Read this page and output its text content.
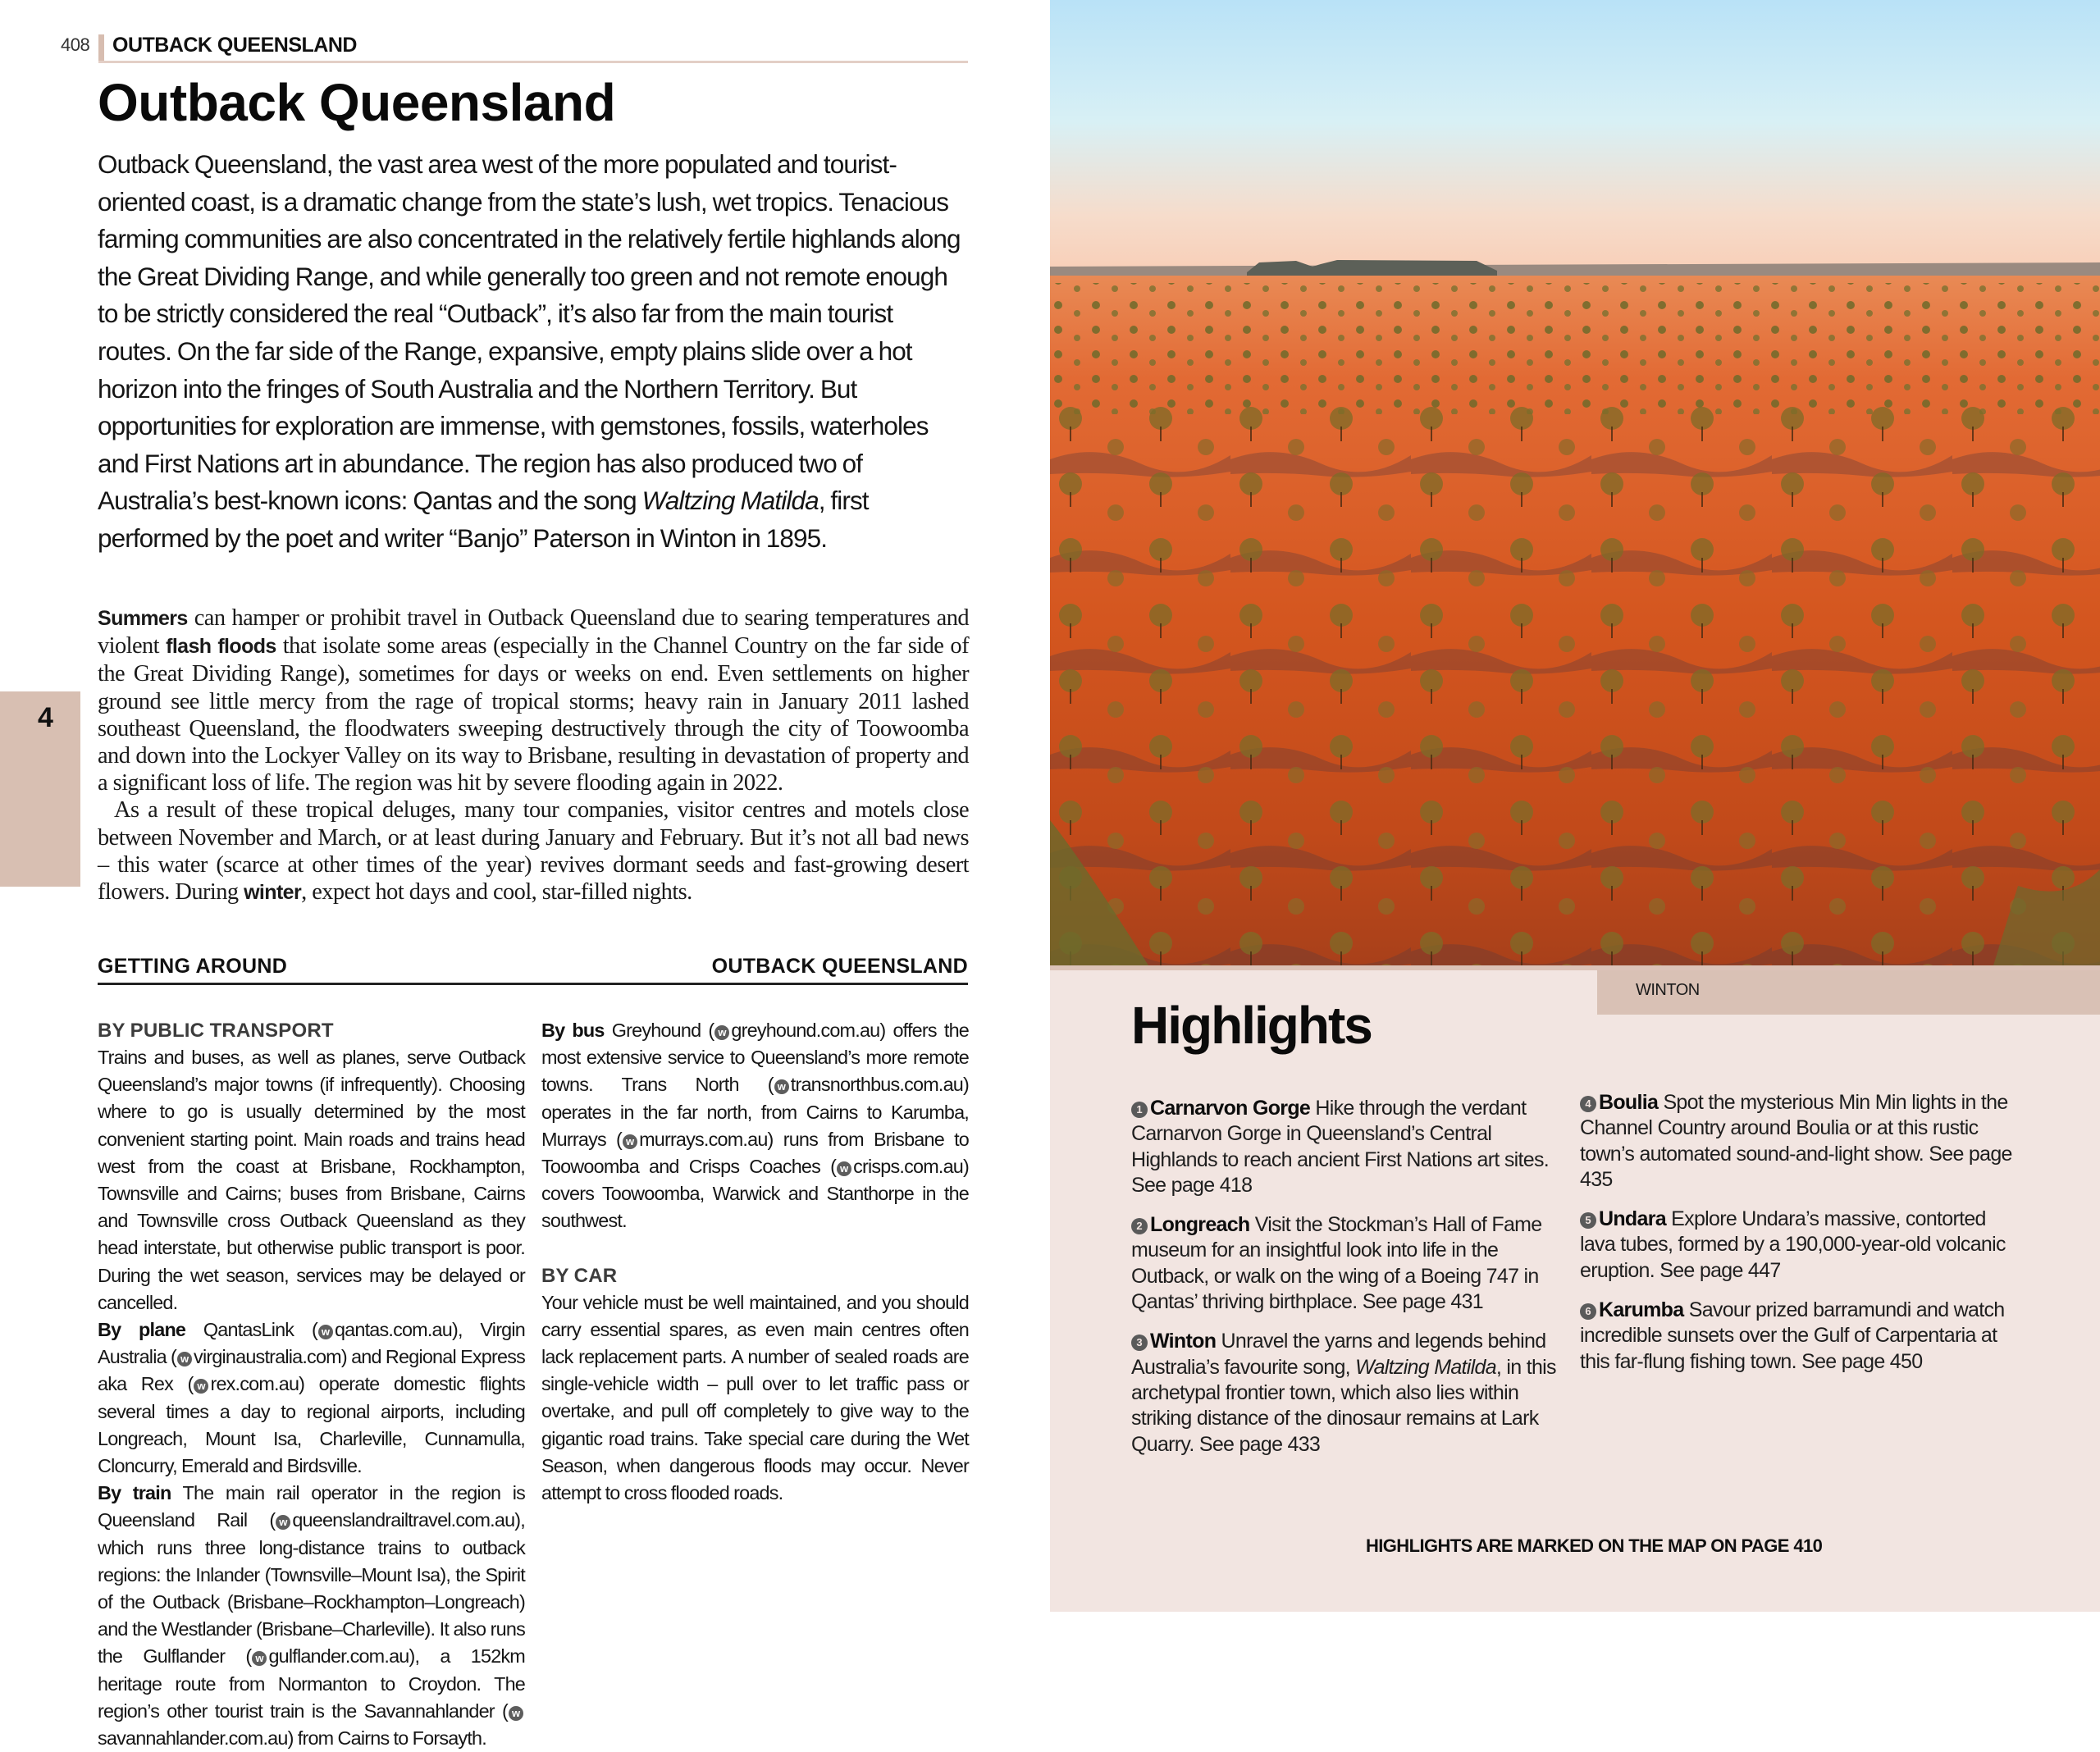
408 OUTBACK QUEENSLAND
Outback Queensland
Outback Queensland, the vast area west of the more populated and tourist-oriented coast, is a dramatic change from the state’s lush, wet tropics. Tenacious farming communities are also concentrated in the relatively fertile highlands along the Great Dividing Range, and while generally too green and not remote enough to be strictly considered the real “Outback”, it’s also far from the main tourist routes. On the far side of the Range, expansive, empty plains slide over a hot horizon into the fringes of South Australia and the Northern Territory. But opportunities for exploration are immense, with gemstones, fossils, waterholes and First Nations art in abundance. The region has also produced two of Australia’s best-known icons: Qantas and the song Waltzing Matilda, first performed by the poet and writer “Banjo” Paterson in Winton in 1895.

Summers can hamper or prohibit travel in Outback Queensland due to searing temperatures and violent flash floods that isolate some areas (especially in the Channel Country on the far side of the Great Dividing Range), sometimes for days or weeks on end. Even settlements on higher ground see little mercy from the rage of tropical storms; heavy rain in January 2011 lashed southeast Queensland, the floodwaters sweeping destructively through the city of Toowoomba and down into the Lockyer Valley on its way to Brisbane, resulting in devastation of property and a significant loss of life. The region was hit by severe flooding again in 2022.

As a result of these tropical deluges, many tour companies, visitor centres and motels close between November and March, or at least during January and February. But it’s not all bad news – this water (scarce at other times of the year) revives dormant seeds and fast-growing desert flowers. During winter, expect hot days and cool, star-filled nights.

4
GETTING AROUND	OUTBACK QUEENSLAND

BY PUBLIC TRANSPORT

Trains and buses, as well as planes, serve Outback Queensland’s major towns (if infrequently). Choosing where to go is usually determined by the most convenient starting point. Main roads and trains head west from the coast at Brisbane, Rockhampton, Townsville and Cairns; buses from Brisbane, Cairns and Townsville cross Outback Queensland as they head interstate, but otherwise public transport is poor. During the wet season, services may be delayed or cancelled.

By plane QantasLink ( w qantas.com.au), Virgin Australia ( w virginaustralia.com) and Regional Express aka Rex ( w rex.com.au) operate domestic flights several times a day to regional airports, including Longreach, Mount Isa, Charleville, Cunnamulla, Cloncurry, Emerald and Birdsville.

By train The main rail operator in the region is Queensland Rail ( w queenslandrailtravel.com.au), which runs three long-distance trains to outback regions: the Inlander (Townsville–Mount Isa), the Spirit of the Outback (Brisbane–Rockhampton–Longreach) and the Westlander (Brisbane–Charleville). It also runs the Gulflander ( w gulflander.com.au), a 152km heritage route from Normanton to Croydon. The region’s other tourist train is the Savannahlander ( wsavannahlander.com.au) from Cairns to Forsayth.

By bus Greyhound ( w greyhound.com.au) offers the most extensive service to Queensland’s more remote towns. Trans North ( w transnorthbus.com.au) operates in the far north, from Cairns to Karumba, Murrays ( w murrays.com.au) runs from Brisbane to Toowoomba and Crisps Coaches ( w crisps.com.au) covers Toowoomba, Warwick and Stanthorpe in the southwest.

BY CAR

Your vehicle must be well maintained, and you should carry essential spares, as even main centres often lack replacement parts. A number of sealed roads are single-vehicle width – pull over to let traffic pass or overtake, and pull off completely to give way to the gigantic road trains. Take special care during the Wet Season, when dangerous floods may occur. Never attempt to cross flooded roads.

WINTON
Highlights

1 Carnarvon Gorge Hike through the verdant Carnarvon Gorge in Queensland’s Central Highlands to reach ancient First Nations art sites. See page 418

2 Longreach Visit the Stockman’s Hall of Fame museum for an insightful look into life in the Outback, or walk on the wing of a Boeing 747 in Qantas’ thriving birthplace. See page 431

3 Winton Unravel the yarns and legends behind Australia’s favourite song, Waltzing Matilda, in this archetypal frontier town, which also lies within striking distance of the dinosaur remains at Lark Quarry. See page 433

4 Boulia Spot the mysterious Min Min lights in the Channel Country around Boulia or at this rustic town’s automated sound-and-light show. See page 435

5 Undara Explore Undara’s massive, contorted lava tubes, formed by a 190,000-year-old volcanic eruption. See page 447

6 Karumba Savour prized barramundi and watch incredible sunsets over the Gulf of Carpentaria at this far-flung fishing town. See page 450

HIGHLIGHTS ARE MARKED ON THE MAP ON PAGE 410
